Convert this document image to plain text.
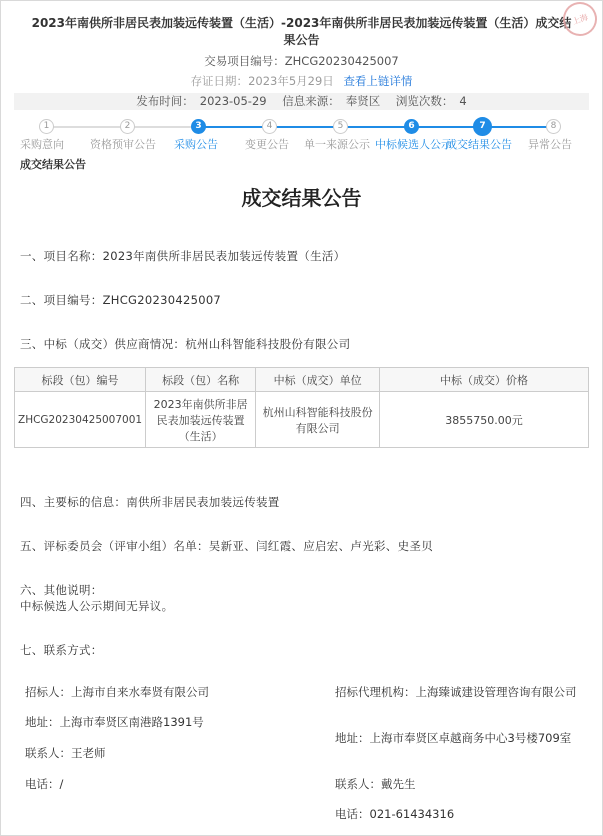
2023年南供所非居民表加装远传装置（生活）-2023年南供所非居民表加装远传装置（生活）成交结果公告
上海
交易项目编号：ZHCG20230425007
存证日期：2023年5月29日 查看上链详情
发布时间： 2023-05-29 信息来源： 奉贤区 浏览次数： 4
1	2	3	4	5	6	7	8
采购意向 资格预审公告 采购公告 变更公告 单一来源公示 中标候选人公示
成交结果公告	异常公告
成交结果公告
成交结果公告
一、项目名称：2023年南供所非居民表加装远传装置（生活）
二、项目编号：ZHCG20230425007
三、中标（成交）供应商情况：杭州山科智能科技股份有限公司
标段（包）编号	标段（包）名称	中标（成交）单位	中标（成交）价格
ZHCG20230425007001	2023年南供所非居民表加装远传装置（生活）	杭州山科智能科技股份有限公司	3855750.00元
四、主要标的信息：南供所非居民表加装远传装置
五、评标委员会（评审小组）名单：吴新亚、闫红霞、应启宏、卢光彩、史圣贝
六、其他说明：
中标候选人公示期间无异议。
七、联系方式：
招标人：上海市自来水奉贤有限公司
地址：上海市奉贤区南港路1391号
联系人：王老师
电话：/
招标代理机构：上海臻诚建设管理咨询有限公司
地址：上海市奉贤区卓越商务中心3号楼709室
联系人：戴先生
电话：021-61434316
